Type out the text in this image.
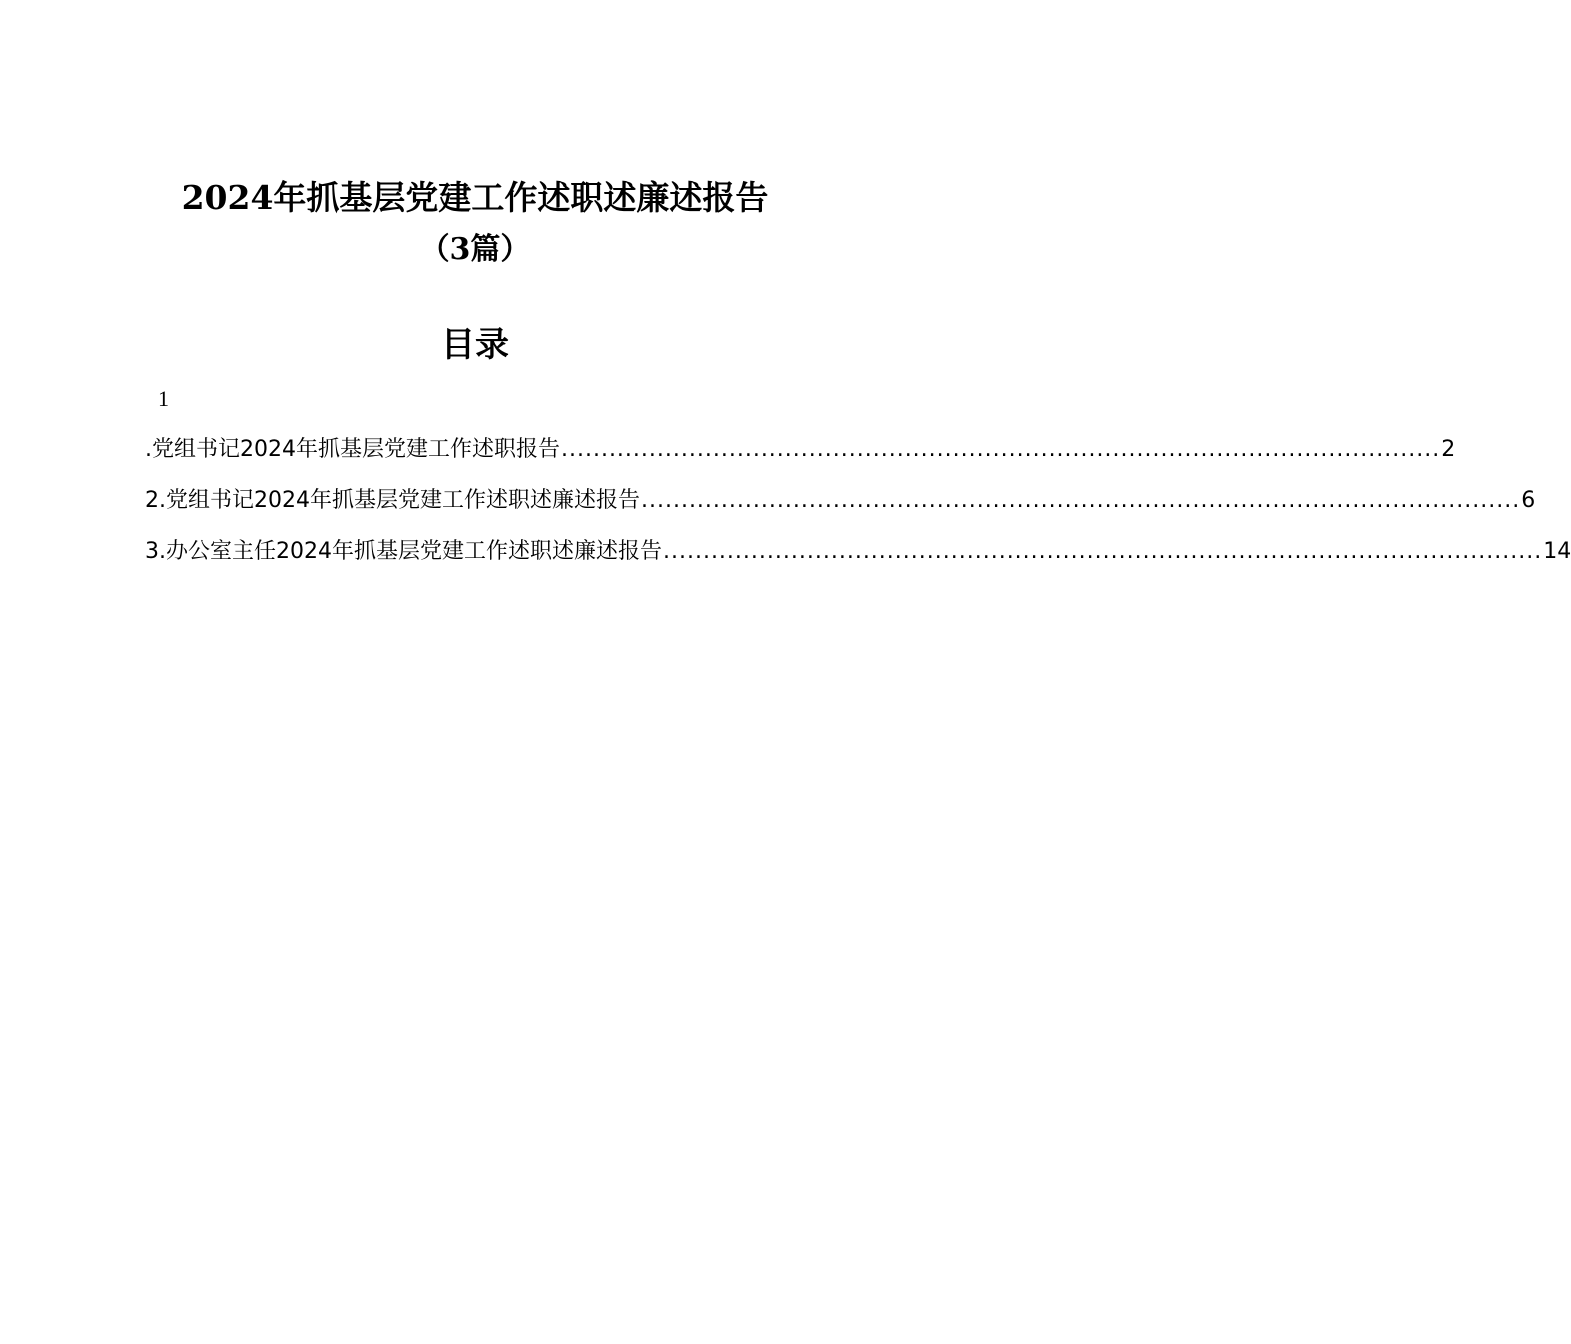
2024年抓基层党建工作述职述廉述报告
（3篇）
目录
1
.党组书记2024年抓基层党建工作述职报告 .............................................................................................................. 2
2.党组书记2024年抓基层党建工作述职述廉述报告 .............................................................................................................. 6
3.办公室主任2024年抓基层党建工作述职述廉述报告 .............................................................................................................. 14
